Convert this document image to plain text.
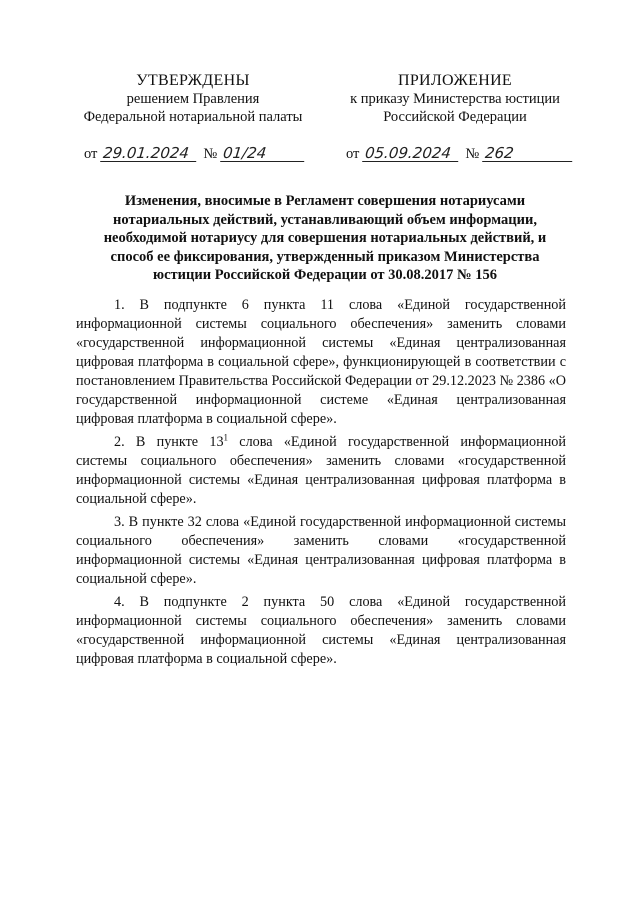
УТВЕРЖДЕНЫ
решением Правления
Федеральной нотариальной палаты
ПРИЛОЖЕНИЕ
к приказу Министерства юстиции
Российской Федерации
от 29.01.2024 № 01/24	от 05.09.2024 № 262
Изменения, вносимые в Регламент совершения нотариусами нотариальных действий, устанавливающий объем информации, необходимой нотариусу для совершения нотариальных действий, и способ ее фиксирования, утвержденный приказом Министерства юстиции Российской Федерации от 30.08.2017 № 156

1. В подпункте 6 пункта 11 слова «Единой государственной информационной системы социального обеспечения» заменить словами «государственной информационной системы «Единая централизованная цифровая платформа в социальной сфере», функционирующей в соответствии с постановлением Правительства Российской Федерации от 29.12.2023 № 2386 «О государственной информационной системе «Единая централизованная цифровая платформа в социальной сфере».

2. В пункте $13^1$ слова «Единой государственной информационной системы социального обеспечения» заменить словами «государственной информационной системы «Единая централизованная цифровая платформа в социальной сфере».

3. В пункте 32 слова «Единой государственной информационной системы социального обеспечения» заменить словами «государственной информационной системы «Единая централизованная цифровая платформа в социальной сфере».

4. В подпункте 2 пункта 50 слова «Единой государственной информационной системы социального обеспечения» заменить словами «государственной информационной системы «Единая централизованная цифровая платформа в социальной сфере».
